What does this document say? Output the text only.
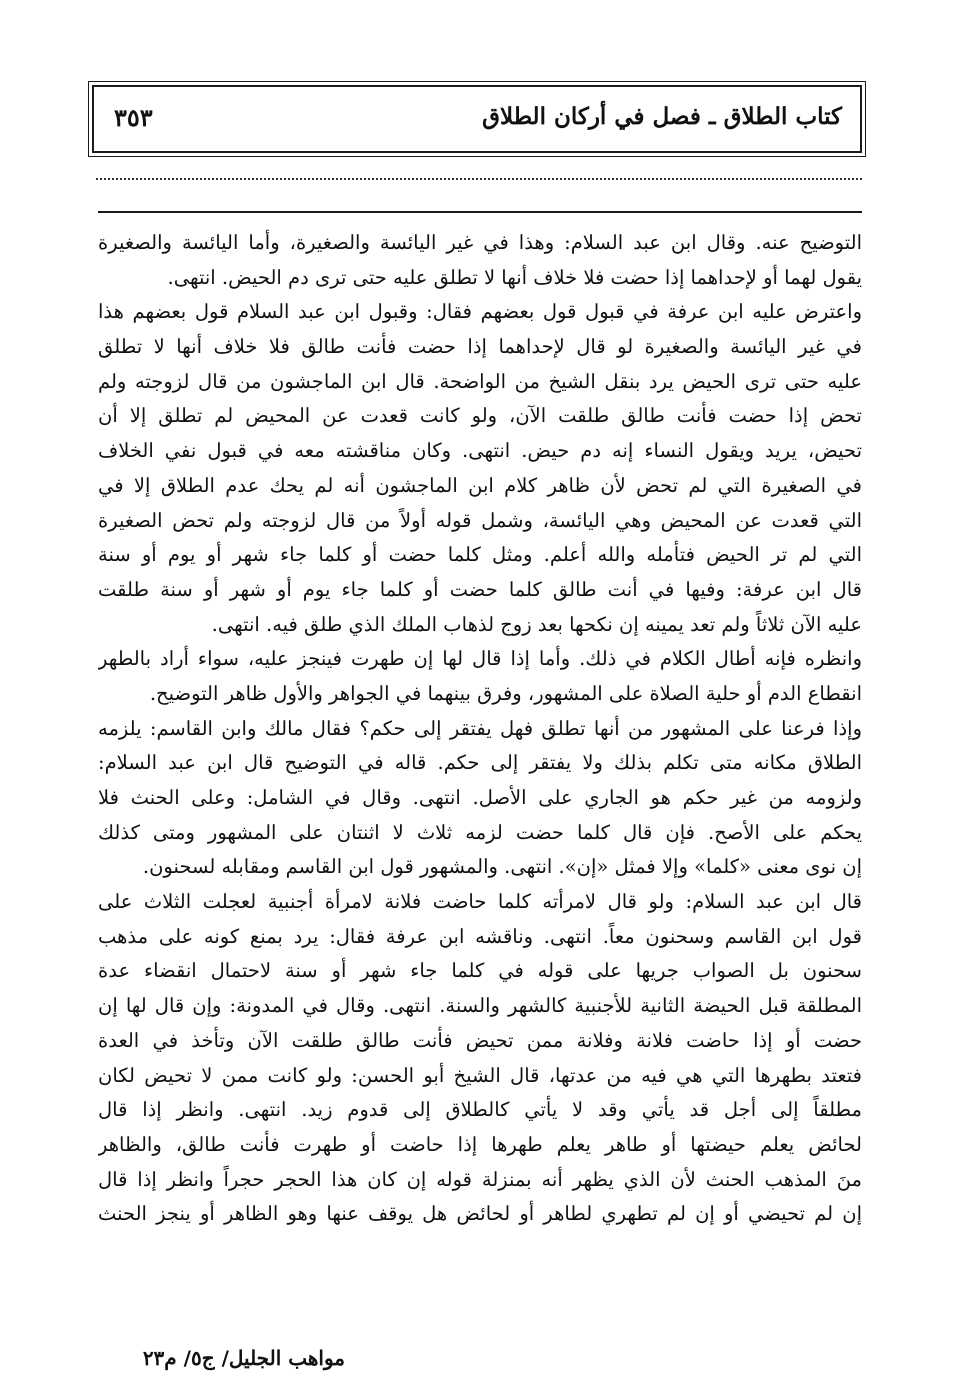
كتاب الطلاق ـ فصل في أركان الطلاق
٣٥٣
التوضيح عنه. وقال ابن عبد السلام: وهذا في غير اليائسة والصغيرة، وأما اليائسة والصغيرة
يقول لهما أو لإحداهما إذا حضت فلا خلاف أنها لا تطلق عليه حتى ترى دم الحيض. انتهى.
واعترض عليه ابن عرفة في قبول قول بعضهم فقال: وقبول ابن عبد السلام قول بعضهم هذا
في غير اليائسة والصغيرة لو قال لإحداهما إذا حضت فأنت طالق فلا خلاف أنها لا تطلق
عليه حتى ترى الحيض يرد بنقل الشيخ من الواضحة. قال ابن الماجشون من قال لزوجته ولم
تحض إذا حضت فأنت طالق طلقت الآن، ولو كانت قعدت عن المحيض لم تطلق إلا أن
تحيض، يريد ويقول النساء إنه دم حيض. انتهى. وكان مناقشته معه في قبول نفي الخلاف
في الصغيرة التي لم تحض لأن ظاهر كلام ابن الماجشون أنه لم يحك عدم الطلاق إلا في
التي قعدت عن المحيض وهي اليائسة، وشمل قوله أولاً من قال لزوجته ولم تحض الصغيرة
التي لم تر الحيض فتأمله والله أعلم. ومثل كلما حضت أو كلما جاء شهر أو يوم أو سنة
قال ابن عرفة: وفيها في أنت طالق كلما حضت أو كلما جاء يوم أو شهر أو سنة طلقت
عليه الآن ثلاثاً ولم تعد يمينه إن نكحها بعد زوج لذهاب الملك الذي طلق فيه. انتهى.
وانظره فإنه أطال الكلام في ذلك. وأما إذا قال لها إن طهرت فينجز عليه، سواء أراد بالطهر
انقطاع الدم أو حلية الصلاة على المشهور، وفرق بينهما في الجواهر والأول ظاهر التوضيح.
وإذا فرعنا على المشهور من أنها تطلق فهل يفتقر إلى حكم؟ فقال مالك وابن القاسم: يلزمه
الطلاق مكانه متى تكلم بذلك ولا يفتقر إلى حكم. قاله في التوضيح قال ابن عبد السلام:
ولزومه من غير حكم هو الجاري على الأصل. انتهى. وقال في الشامل: وعلى الحنث فلا
يحكم على الأصح. فإن قال كلما حضت لزمه ثلاث لا اثنتان على المشهور ومتى كذلك
إن نوى معنى «كلما» وإلا فمثل «إن». انتهى. والمشهور قول ابن القاسم ومقابله لسحنون.
قال ابن عبد السلام: ولو قال لامرأته كلما حاضت فلانة لامرأة أجنبية لعجلت الثلاث على
قول ابن القاسم وسحنون معاً. انتهى. وناقشه ابن عرفة فقال: يرد بمنع كونه على مذهب
سحنون بل الصواب جريها على قوله في كلما جاء شهر أو سنة لاحتمال انقضاء عدة
المطلقة قبل الحيضة الثانية للأجنبية كالشهر والسنة. انتهى. وقال في المدونة: وإن قال لها إن
حضت أو إذا حاضت فلانة وفلانة ممن تحيض فأنت طالق طلقت الآن وتأخذ في العدة
فتعتد بطهرها التي هي فيه من عدتها، قال الشيخ أبو الحسن: ولو كانت ممن لا تحيض لكان
مطلقاً إلى أجل قد يأتي وقد لا يأتي كالطلاق إلى قدوم زيد. انتهى. وانظر إذا قال
لحائض يعلم حيضتها أو طاهر يعلم طهرها إذا حاضت أو طهرت فأنت طالق، والظاهر
منَ المذهب الحنث لأن الذي يظهر أنه بمنزلة قوله إن كان هذا الحجر حجراً وانظر إذا قال
إن لم تحيضي أو إن لم تطهري لطاهر أو لحائض هل يوقف عنها وهو الظاهر أو ينجز الحنث
مواهب الجليل/ ج٥/ م٢٣
